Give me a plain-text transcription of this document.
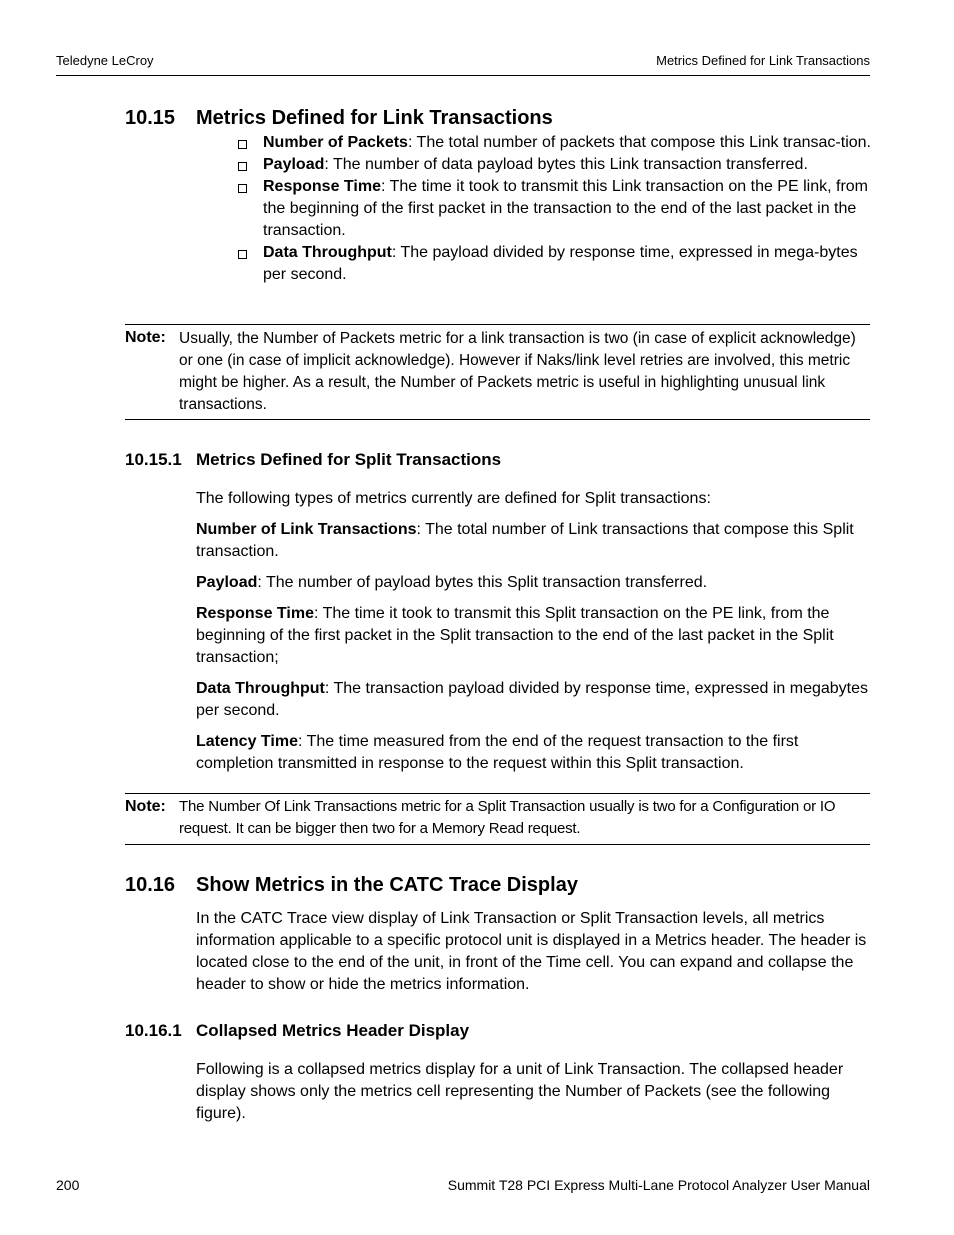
Teledyne LeCroy	Metrics Defined for Link Transactions
10.15 Metrics Defined for Link Transactions
Number of Packets: The total number of packets that compose this Link transac-tion.
Payload: The number of data payload bytes this Link transaction transferred.
Response Time: The time it took to transmit this Link transaction on the PE link, from the beginning of the first packet in the transaction to the end of the last packet in the transaction.
Data Throughput: The payload divided by response time, expressed in mega-bytes per second.
Note: Usually, the Number of Packets metric for a link transaction is two (in case of explicit acknowledge) or one (in case of implicit acknowledge). However if Naks/link level retries are involved, this metric might be higher. As a result, the Number of Packets metric is useful in highlighting unusual link transactions.
10.15.1 Metrics Defined for Split Transactions

The following types of metrics currently are defined for Split transactions:

Number of Link Transactions: The total number of Link transactions that compose this Split transaction.

Payload: The number of payload bytes this Split transaction transferred.

Response Time: The time it took to transmit this Split transaction on the PE link, from the beginning of the first packet in the Split transaction to the end of the last packet in the Split transaction;

Data Throughput: The transaction payload divided by response time, expressed in megabytes per second.

Latency Time: The time measured from the end of the request transaction to the first completion transmitted in response to the request within this Split transaction.

Note: The Number Of Link Transactions metric for a Split Transaction usually is two for a Configuration or IO request. It can be bigger then two for a Memory Read request.
10.16 Show Metrics in the CATC Trace Display
In the CATC Trace view display of Link Transaction or Split Transaction levels, all metrics information applicable to a specific protocol unit is displayed in a Metrics header. The header is located close to the end of the unit, in front of the Time cell. You can expand and collapse the header to show or hide the metrics information.
10.16.1 Collapsed Metrics Header Display
Following is a collapsed metrics display for a unit of Link Transaction. The collapsed header display shows only the metrics cell representing the Number of Packets (see the following figure).
200	Summit T28 PCI Express Multi-Lane Protocol Analyzer User Manual
